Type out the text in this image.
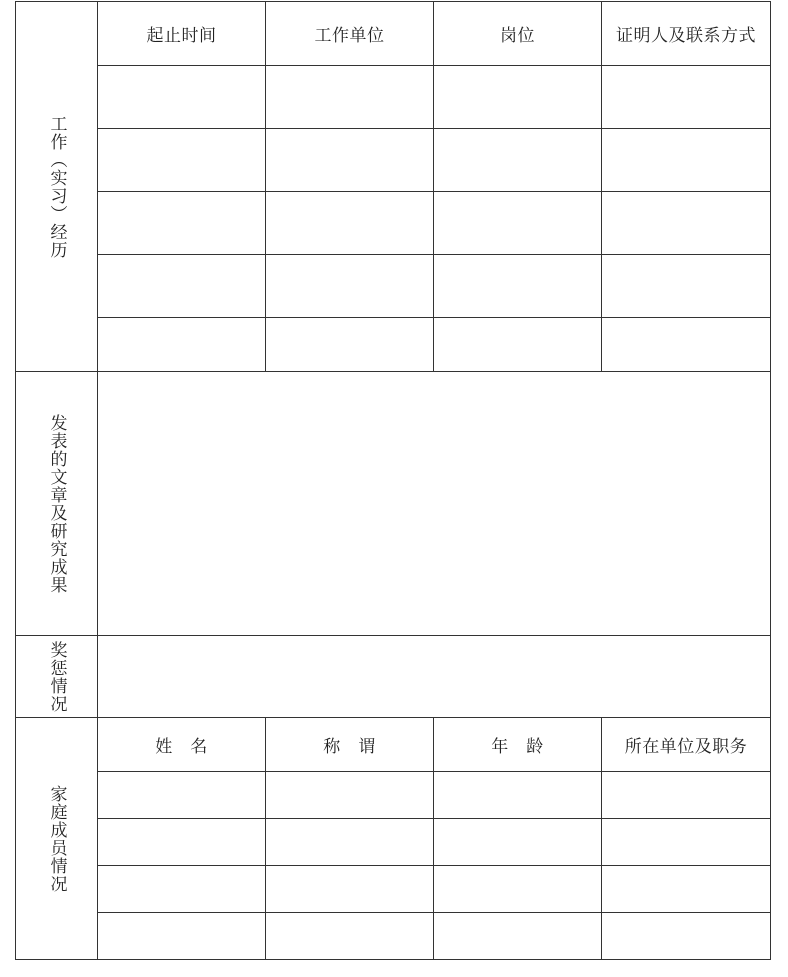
工作（实习）经历	起止时间	工作单位	岗位	证明人及联系方式

发表的文章及研究成果				

奖惩情况				

家庭成员情况	姓　名	称　谓	年　龄	所在单位及职务
